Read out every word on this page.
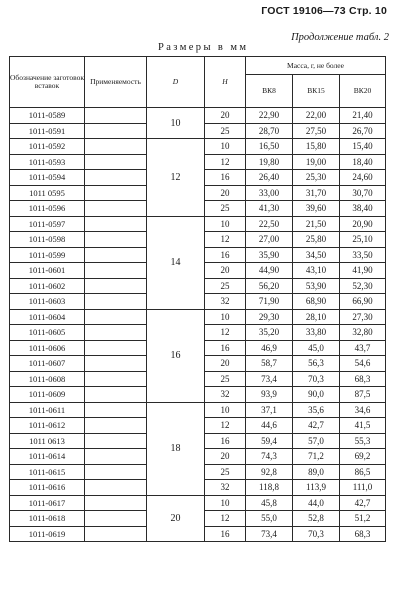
ГОСТ 19106—73 Стр. 10
Продолжение табл. 2
Размеры в мм
Обозначение заготовок вставок	Применяемость	D	H	Масса, г, не более		
				ВК8	ВК15	ВК20
1011-0589		10	20	22,90	22,00	21,40
1011-0591			25	28,70	27,50	26,70
1011-0592		12	10	16,50	15,80	15,40
1011-0593			12	19,80	19,00	18,40
1011-0594			16	26,40	25,30	24,60
1011 0595			20	33,00	31,70	30,70
1011-0596			25	41,30	39,60	38,40
1011-0597		14	10	22,50	21,50	20,90
1011-0598			12	27,00	25,80	25,10
1011-0599			16	35,90	34,50	33,50
1011-0601			20	44,90	43,10	41,90
1011-0602			25	56,20	53,90	52,30
1011-0603			32	71,90	68,90	66,90
1011-0604		16	10	29,30	28,10	27,30
1011-0605			12	35,20	33,80	32,80
1011-0606			16	46,9	45,0	43,7
1011-0607			20	58,7	56,3	54,6
1011-0608			25	73,4	70,3	68,3
1011-0609			32	93,9	90,0	87,5
1011-0611		18	10	37,1	35,6	34,6
1011-0612			12	44,6	42,7	41,5
1011 0613			16	59,4	57,0	55,3
1011-0614			20	74,3	71,2	69,2
1011-0615			25	92,8	89,0	86,5
1011-0616			32	118,8	113,9	111,0
1011-0617		20	10	45,8	44,0	42,7
1011-0618			12	55,0	52,8	51,2
1011-0619			16	73,4	70,3	68,3
